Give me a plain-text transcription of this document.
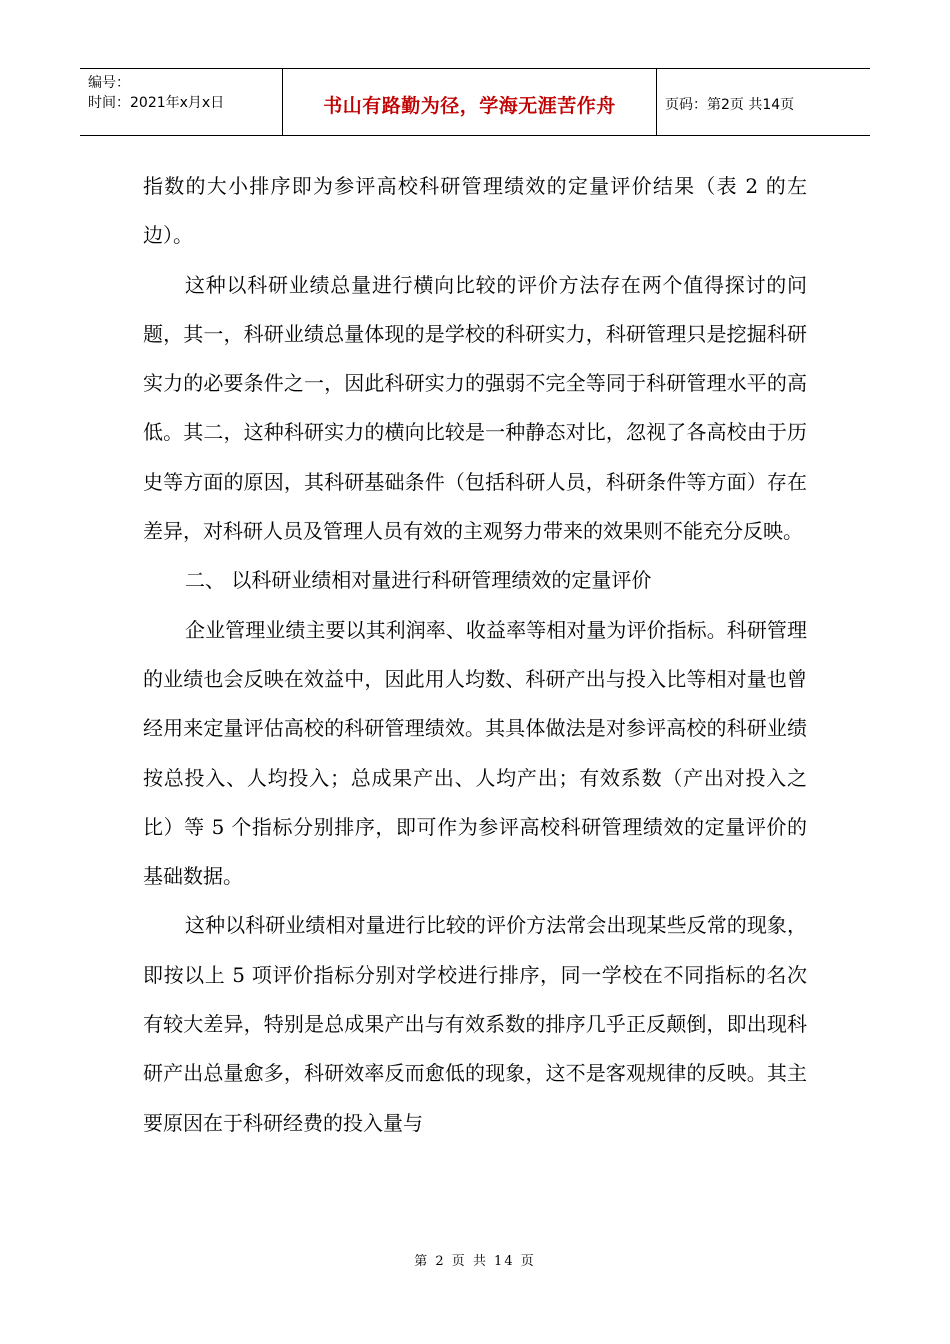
编号：
时间：2021年x月x日	书山有路勤为径，学海无涯苦作舟	页码：第2页 共14页

指数的大小排序即为参评高校科研管理绩效的定量评价结果（表 2 的左边）。

这种以科研业绩总量进行横向比较的评价方法存在两个值得探讨的问题，其一，科研业绩总量体现的是学校的科研实力，科研管理只是挖掘科研实力的必要条件之一，因此科研实力的强弱不完全等同于科研管理水平的高低。其二，这种科研实力的横向比较是一种静态对比，忽视了各高校由于历史等方面的原因，其科研基础条件（包括科研人员，科研条件等方面）存在差异，对科研人员及管理人员有效的主观努力带来的效果则不能充分反映。

二、 以科研业绩相对量进行科研管理绩效的定量评价

企业管理业绩主要以其利润率、收益率等相对量为评价指标。科研管理的业绩也会反映在效益中，因此用人均数、科研产出与投入比等相对量也曾经用来定量评估高校的科研管理绩效。其具体做法是对参评高校的科研业绩按总投入、人均投入；总成果产出、人均产出；有效系数（产出对投入之比）等 5 个指标分别排序，即可作为参评高校科研管理绩效的定量评价的基础数据。

这种以科研业绩相对量进行比较的评价方法常会出现某些反常的现象，即按以上 5 项评价指标分别对学校进行排序，同一学校在不同指标的名次有较大差异，特别是总成果产出与有效系数的排序几乎正反颠倒，即出现科研产出总量愈多，科研效率反而愈低的现象，这不是客观规律的反映。其主要原因在于科研经费的投入量与

第 2 页 共 14 页
